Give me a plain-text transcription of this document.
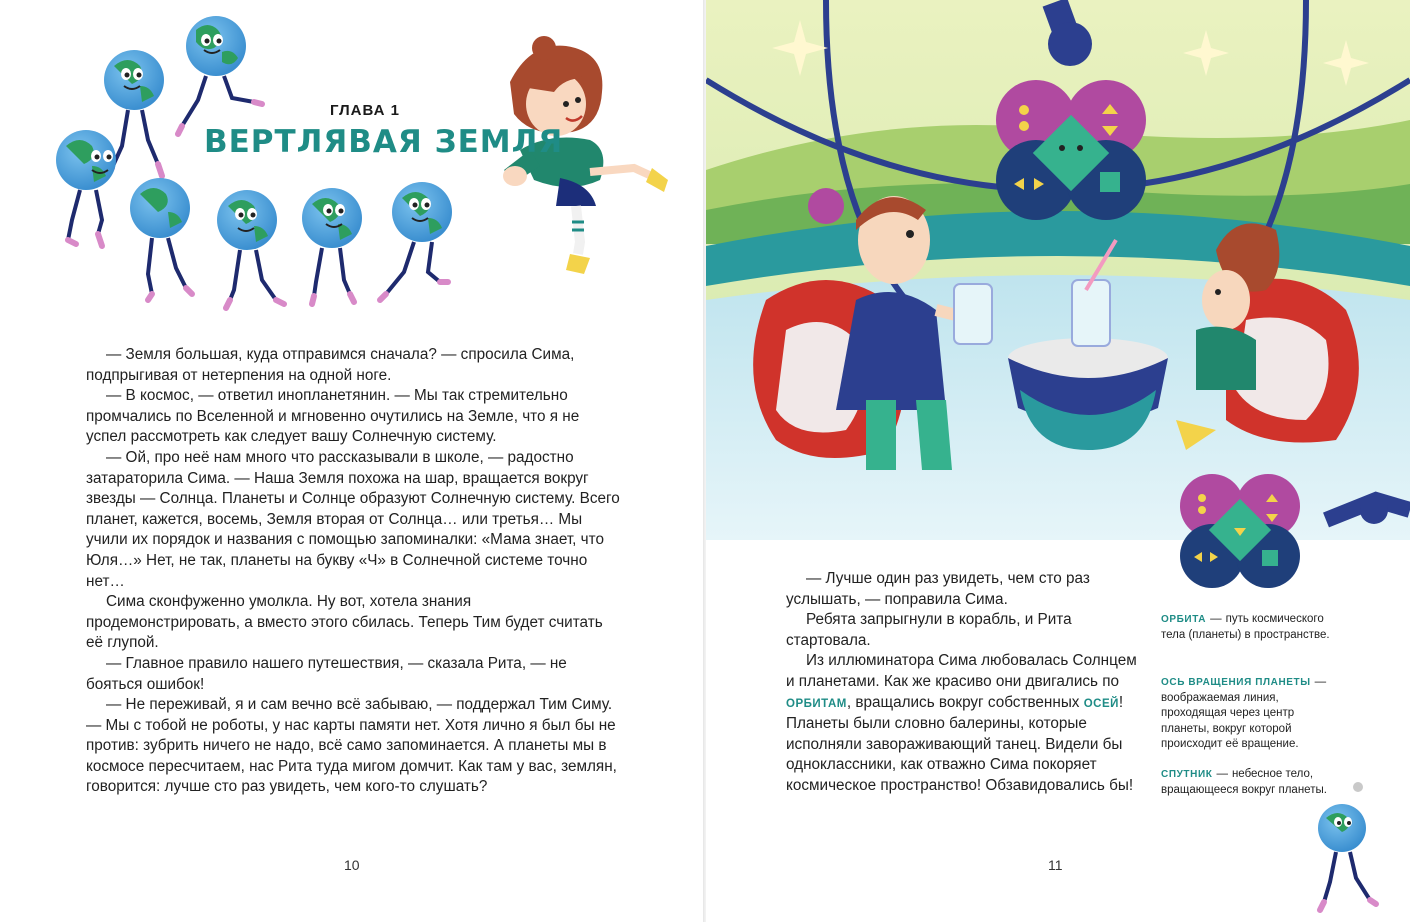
ГЛАВА 1
ВЕРТЛЯВАЯ ЗЕМЛЯ

— Земля большая, куда отправимся сначала? — спросила Сима, подпрыгивая от нетерпения на одной ноге.

— В космос, — ответил инопланетянин. — Мы так стремительно промчались по Вселенной и мгновенно очутились на Земле, что я не успел рассмотреть как следует вашу Солнечную систему.

— Ой, про неё нам много что рассказывали в школе, — радостно затараторила Сима. — Наша Земля похожа на шар, вращается вокруг звезды — Солнца. Планеты и Солнце образуют Солнечную систему. Всего планет, кажется, восемь, Земля вторая от Солнца… или третья… Мы учили их порядок и названия с помощью запоминалки: «Мама знает, что Юля…» Нет, не так, планеты на букву «Ч» в Солнечной системе точно нет…

Сима сконфуженно умолкла. Ну вот, хотела знания продемонстрировать, а вместо этого сбилась. Теперь Тим будет считать её глупой.

— Главное правило нашего путешествия, — сказала Рита, — не бояться ошибок!

— Не переживай, я и сам вечно всё забываю, — поддержал Тим Симу. — Мы с тобой не роботы, у нас карты памяти нет. Хотя лично я был бы не против: зубрить ничего не надо, всё само запоминается. А планеты мы в космосе пересчитаем, нас Рита туда мигом домчит. Как там у вас, землян, говорится: лучше сто раз увидеть, чем кого-то слушать?

10

— Лучше один раз увидеть, чем сто раз услышать, — поправила Сима.

Ребята запрыгнули в корабль, и Рита стартовала.

Из иллюминатора Сима любовалась Солнцем и планетами. Как же красиво они двигались по ОРБИТАМ, вращались вокруг собственных ОСЕЙ! Планеты были словно балерины, которые исполняли завораживающий танец. Видели бы одноклассники, как отважно Сима покоряет космическое пространство! Обзавидовались бы!

ОРБИТА — путь космического тела (планеты) в пространстве.
ОСЬ ВРАЩЕНИЯ ПЛАНЕТЫ —воображаемая линия, проходящая через центр планеты, вокруг которой происходит её вращение.
СПУТНИК — небесное тело, вращающееся вокруг планеты.
11
